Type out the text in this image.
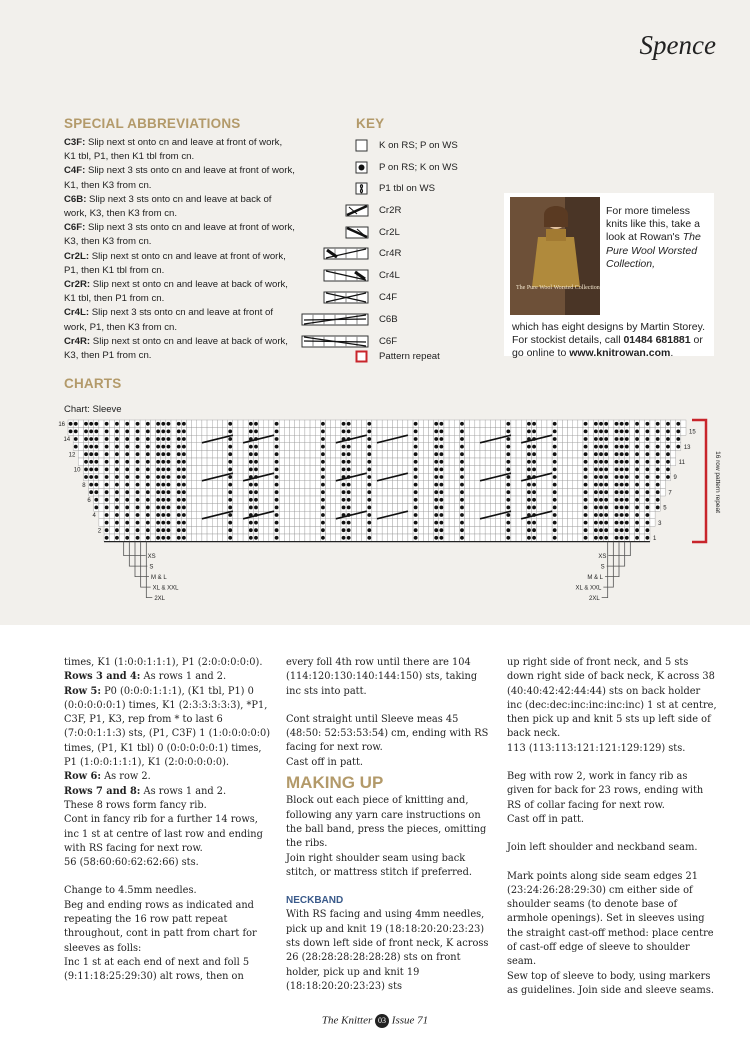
Spence
SPECIAL ABBREVIATIONS

C3F: Slip next st onto cn and leave at front of work, K1 tbl, P1, then K1 tbl from cn.

C4F: Slip next 3 sts onto cn and leave at front of work, K1, then K3 from cn.

C6B: Slip next 3 sts onto cn and leave at back of work, K3, then K3 from cn.

C6F: Slip next 3 sts onto cn and leave at front of work, K3, then K3 from cn.

Cr2L: Slip next st onto cn and leave at front of work, P1, then K1 tbl from cn.

Cr2R: Slip next st onto cn and leave at back of work, K1 tbl, then P1 from cn.

Cr4L: Slip next 3 sts onto cn and leave at front of work, P1, then K3 from cn.

Cr4R: Slip next st onto cn and leave at back of work, K3, then P1 from cn.

KEY
K on RS; P on WS
P on RS; K on WS
P1 tbl on WS
Cr2R
Cr2L
Cr4R
Cr4L
C4F
C6B
C6F
Pattern repeat
The Pure Wool Worsted Collection
For more timeless knits like this, take a look at Rowan's The Pure Wool Worsted Collection,
which has eight designs by Martin Storey. For stockist details, call 01484 681881 or go online to www.knitrowan.com.
CHARTS
Chart: Sleeve
16
14
12
10
8
6
4
2
15
13
11
9
7
5
3
1
XS	XS
S	S
M & L	M & L
XL & XXL	XL & XXL
2XL	2XL
16 row pattern repeat

times, K1 (1:0:0:1:1:1), P1 (2:0:0:0:0:0).

Rows 3 and 4: As rows 1 and 2.

Row 5: P0 (0:0:0:1:1:1), (K1 tbl, P1) 0 (0:0:0:0:0:1) times, K1 (2:3:3:3:3:3), *P1, C3F, P1, K3, rep from * to last 6 (7:0:0:1:1:3) sts, (P1, C3F) 1 (1:0:0:0:0:0) times, (P1, K1 tbl) 0 (0:0:0:0:0:1) times, P1 (1:0:0:1:1:1), K1 (2:0:0:0:0:0).

Row 6: As row 2.

Rows 7 and 8: As rows 1 and 2.

These 8 rows form fancy rib.

Cont in fancy rib for a further 14 rows, inc 1 st at centre of last row and ending with RS facing for next row.

56 (58:60:60:62:62:66) sts.

Change to 4.5mm needles.

Beg and ending rows as indicated and repeating the 16 row patt repeat throughout, cont in patt from chart for sleeves as folls:

Inc 1 st at each end of next and foll 5 (9:11:18:25:29:30) alt rows, then on

every foll 4th row until there are 104 (114:120:130:140:144:150) sts, taking inc sts into patt.

Cont straight until Sleeve meas 45 (48:50: 52:53:53:54) cm, ending with RS facing for next row.

Cast off in patt.

MAKING UP

Block out each piece of knitting and, following any yarn care instructions on the ball band, press the pieces, omitting the ribs.

Join right shoulder seam using back stitch, or mattress stitch if preferred.

NECKBAND

With RS facing and using 4mm needles, pick up and knit 19 (18:18:20:20:23:23) sts down left side of front neck, K across 26 (28:28:28:28:28:28) sts on front holder, pick up and knit 19 (18:18:20:20:23:23) sts

up right side of front neck, and 5 sts down right side of back neck, K across 38 (40:40:42:42:44:44) sts on back holder inc (dec:dec:inc:inc:inc:inc) 1 st at centre, then pick up and knit 5 sts up left side of back neck.

113 (113:113:121:121:129:129) sts.

Beg with row 2, work in fancy rib as given for back for 23 rows, ending with RS of collar facing for next row.

Cast off in patt.

Join left shoulder and neckband seam.

Mark points along side seam edges 21 (23:24:26:28:29:30) cm either side of shoulder seams (to denote base of armhole openings). Set in sleeves using the straight cast-off method: place centre of cast-off edge of sleeve to shoulder seam.

Sew top of sleeve to body, using markers as guidelines. Join side and sleeve seams.

The Knitter 03 Issue 71
